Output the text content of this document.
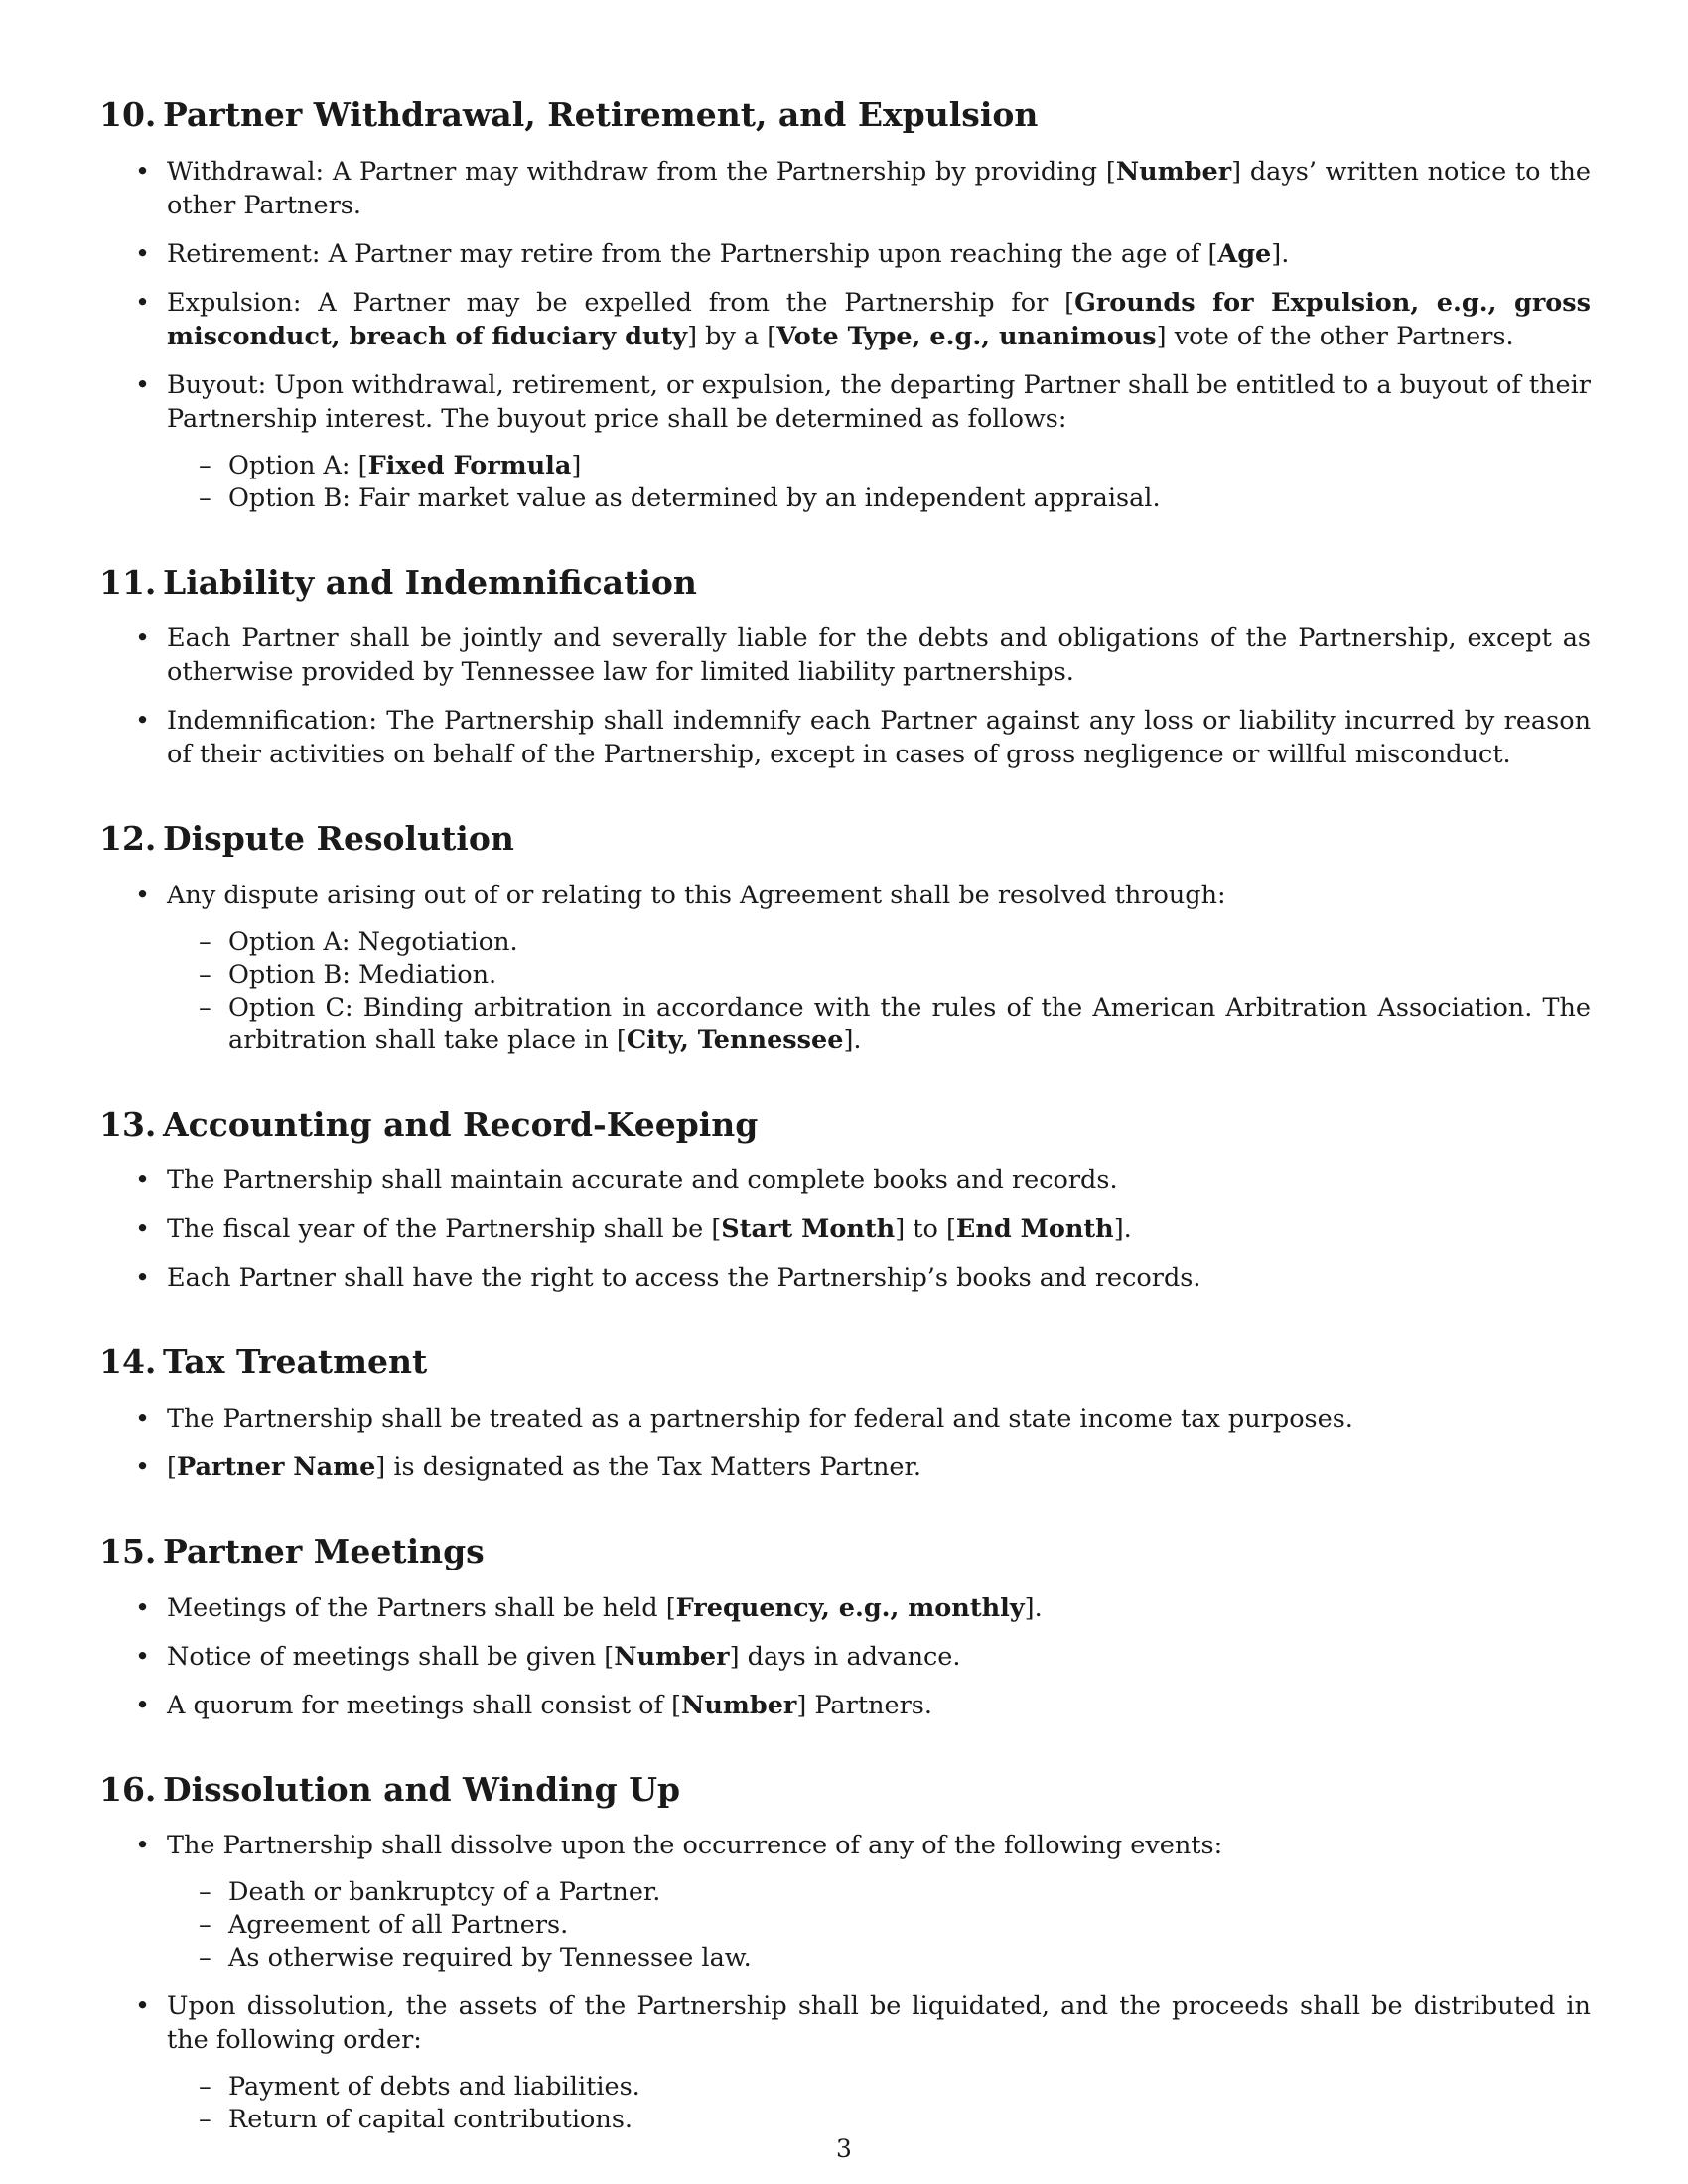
10. Partner Withdrawal, Retirement, and Expulsion
• Withdrawal: A Partner may withdraw from the Partnership by providing [Number] days’ written notice to the other Partners.
• Retirement: A Partner may retire from the Partnership upon reaching the age of [Age].
• Expulsion: A Partner may be expelled from the Partnership for [Grounds for Expulsion, e.g., gross misconduct, breach of fiduciary duty] by a [Vote Type, e.g., unanimous] vote of the other Partners.
• Buyout: Upon withdrawal, retirement, or expulsion, the departing Partner shall be entitled to a buyout of their Partnership interest. The buyout price shall be determined as follows:
– Option A: [Fixed Formula]
– Option B: Fair market value as determined by an independent appraisal.
11. Liability and Indemnification
• Each Partner shall be jointly and severally liable for the debts and obligations of the Partnership, except as otherwise provided by Tennessee law for limited liability partnerships.
• Indemnification: The Partnership shall indemnify each Partner against any loss or liability incurred by reason of their activities on behalf of the Partnership, except in cases of gross negligence or willful misconduct.
12. Dispute Resolution
• Any dispute arising out of or relating to this Agreement shall be resolved through:
– Option A: Negotiation.
– Option B: Mediation.
– Option C: Binding arbitration in accordance with the rules of the American Arbitration Association. The arbitration shall take place in [City, Tennessee].
13. Accounting and Record-Keeping
• The Partnership shall maintain accurate and complete books and records.
• The fiscal year of the Partnership shall be [Start Month] to [End Month].
• Each Partner shall have the right to access the Partnership’s books and records.
14. Tax Treatment
• The Partnership shall be treated as a partnership for federal and state income tax purposes.
• [Partner Name] is designated as the Tax Matters Partner.
15. Partner Meetings
• Meetings of the Partners shall be held [Frequency, e.g., monthly].
• Notice of meetings shall be given [Number] days in advance.
• A quorum for meetings shall consist of [Number] Partners.
16. Dissolution and Winding Up
• The Partnership shall dissolve upon the occurrence of any of the following events:
– Death or bankruptcy of a Partner.
– Agreement of all Partners.
– As otherwise required by Tennessee law.
• Upon dissolution, the assets of the Partnership shall be liquidated, and the proceeds shall be distributed in the following order:
– Payment of debts and liabilities.
– Return of capital contributions.
3
